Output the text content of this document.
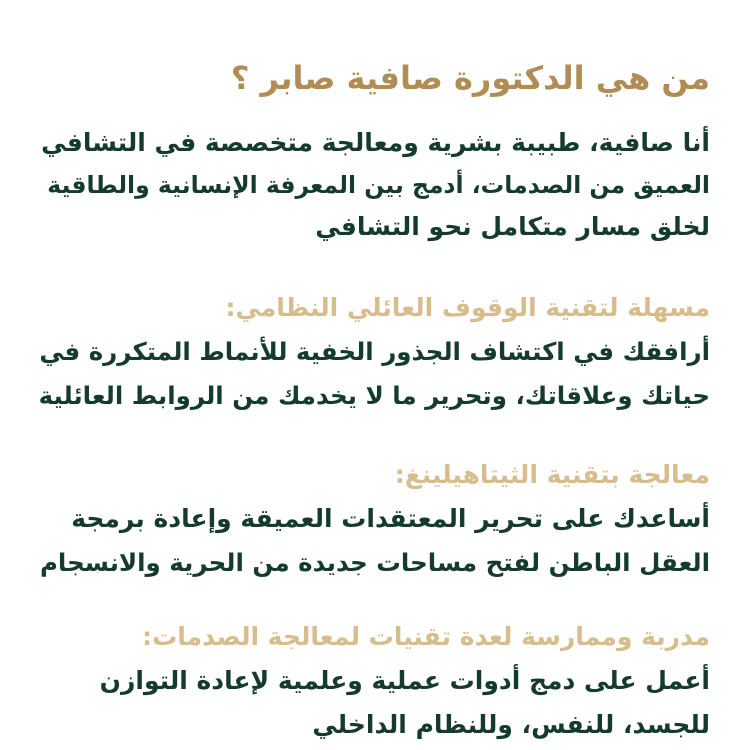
من هي الدكتورة صافية صابر ؟
أنا صافية، طبيبة بشرية ومعالجة متخصصة في التشافي
العميق من الصدمات، أدمج بين المعرفة الإنسانية والطاقية
لخلق مسار متكامل نحو التشافي
مسهلة لتقنية الوقوف العائلي النظامي:
أرافقك في اكتشاف الجذور الخفية للأنماط المتكررة في
حياتك وعلاقاتك، وتحرير ما لا يخدمك من الروابط العائلية
معالجة بتقنية الثيتاهيلينغ:
أساعدك على تحرير المعتقدات العميقة وإعادة برمجة
العقل الباطن لفتح مساحات جديدة من الحرية والانسجام
مدربة وممارسة لعدة تقنيات لمعالجة الصدمات:
أعمل على دمج أدوات عملية وعلمية لإعادة التوازن
للجسد، للنفس، وللنظام الداخلي
